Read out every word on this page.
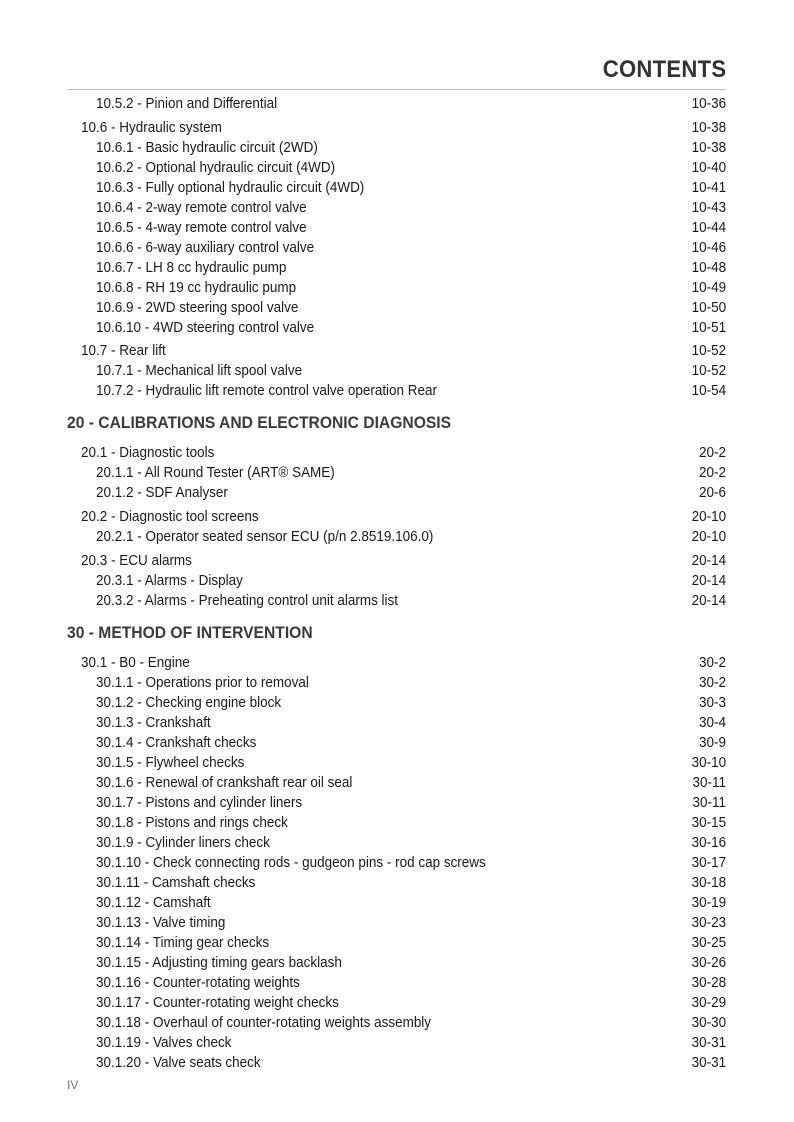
CONTENTS
10.5.2 - Pinion and Differential	10-36
10.6 - Hydraulic system	10-38
10.6.1 - Basic hydraulic circuit (2WD)	10-38
10.6.2 - Optional hydraulic circuit (4WD)	10-40
10.6.3 - Fully optional hydraulic circuit (4WD)	10-41
10.6.4 - 2-way remote control valve	10-43
10.6.5 - 4-way remote control valve	10-44
10.6.6 - 6-way auxiliary control valve	10-46
10.6.7 - LH 8 cc hydraulic pump	10-48
10.6.8 - RH 19 cc hydraulic pump	10-49
10.6.9 - 2WD steering spool valve	10-50
10.6.10 - 4WD steering control valve	10-51
10.7 - Rear lift	10-52
10.7.1 - Mechanical lift spool valve	10-52
10.7.2 - Hydraulic lift remote control valve operation Rear	10-54
20 - CALIBRATIONS AND ELECTRONIC DIAGNOSIS
20.1 - Diagnostic tools	20-2
20.1.1 - All Round Tester (ART® SAME)	20-2
20.1.2 - SDF Analyser	20-6
20.2 - Diagnostic tool screens	20-10
20.2.1 - Operator seated sensor ECU (p/n 2.8519.106.0)	20-10
20.3 - ECU alarms	20-14
20.3.1 - Alarms - Display	20-14
20.3.2 - Alarms - Preheating control unit alarms list	20-14
30 - METHOD OF INTERVENTION
30.1 - B0 - Engine	30-2
30.1.1 - Operations prior to removal	30-2
30.1.2 - Checking engine block	30-3
30.1.3 - Crankshaft	30-4
30.1.4 - Crankshaft checks	30-9
30.1.5 - Flywheel checks	30-10
30.1.6 - Renewal of crankshaft rear oil seal	30-11
30.1.7 - Pistons and cylinder liners	30-11
30.1.8 - Pistons and rings check	30-15
30.1.9 - Cylinder liners check	30-16
30.1.10 - Check connecting rods - gudgeon pins - rod cap screws	30-17
30.1.11 - Camshaft checks	30-18
30.1.12 - Camshaft	30-19
30.1.13 - Valve timing	30-23
30.1.14 - Timing gear checks	30-25
30.1.15 - Adjusting timing gears backlash	30-26
30.1.16 - Counter-rotating weights	30-28
30.1.17 - Counter-rotating weight checks	30-29
30.1.18 - Overhaul of counter-rotating weights assembly	30-30
30.1.19 - Valves check	30-31
30.1.20 - Valve seats check	30-31
IV
